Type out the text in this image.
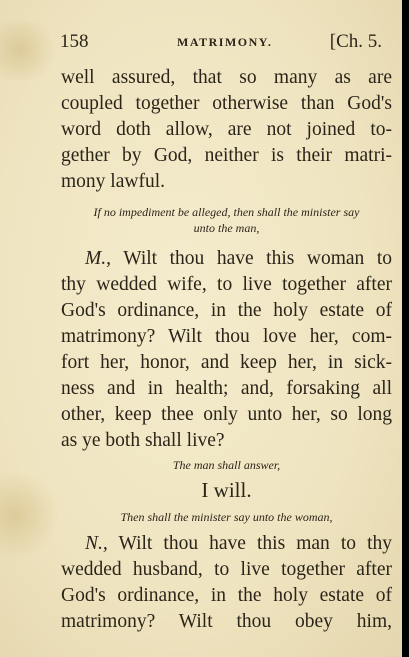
158	MATRIMONY.	[Ch. 5.
well assured, that so many as are
coupled together otherwise than God's
word doth allow, are not joined to-
gether by God, neither is their matri-
mony lawful.
If no impediment be alleged, then shall the minister say
unto the man,
M., Wilt thou have this woman to
thy wedded wife, to live together after
God's ordinance, in the holy estate of
matrimony? Wilt thou love her, com-
fort her, honor, and keep her, in sick-
ness and in health; and, forsaking all
other, keep thee only unto her, so long
as ye both shall live?
The man shall answer,
I will.
Then shall the minister say unto the woman,
N., Wilt thou have this man to thy
wedded husband, to live together after
God's ordinance, in the holy estate of
matrimony? Wilt thou obey him,
